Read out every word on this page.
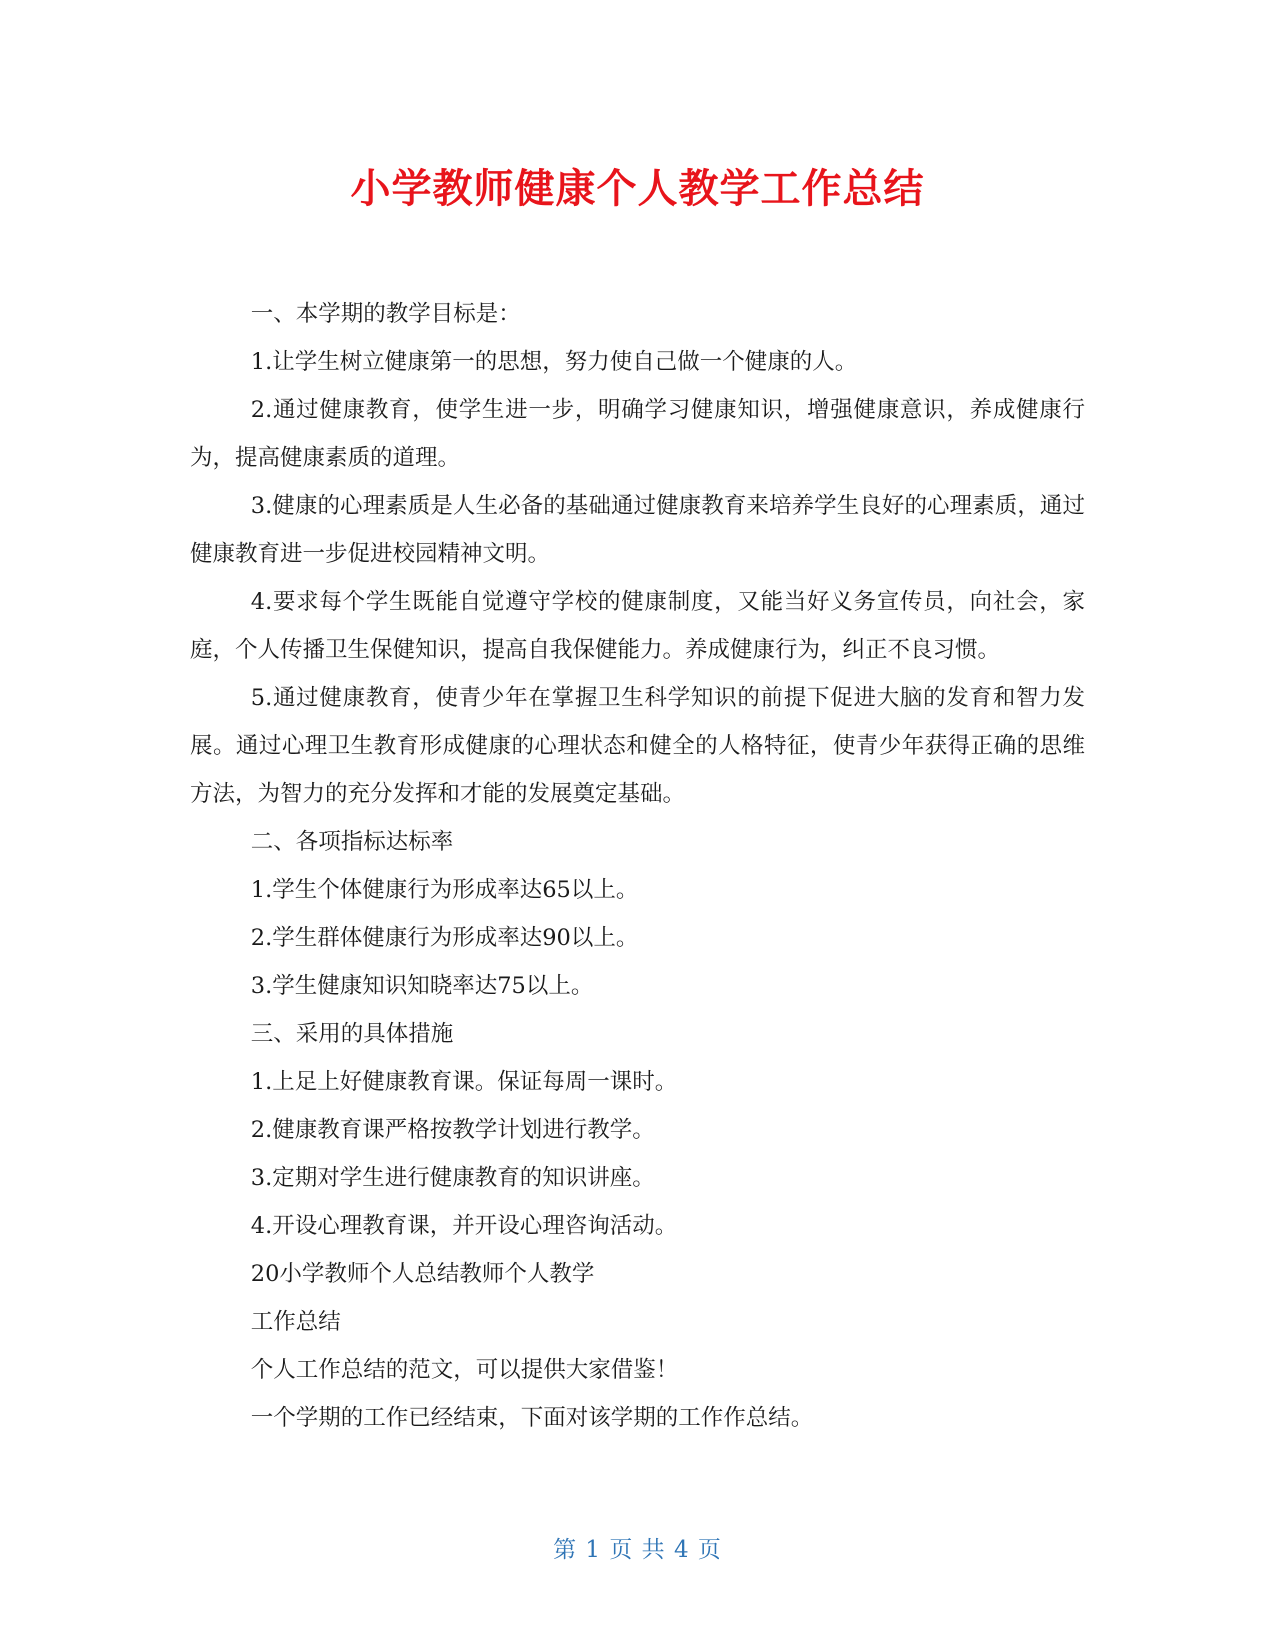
小学教师健康个人教学工作总结

一、本学期的教学目标是：

1.让学生树立健康第一的思想，努力使自己做一个健康的人。

2.通过健康教育，使学生进一步，明确学习健康知识，增强健康意识，养成健康行为，提高健康素质的道理。

3.健康的心理素质是人生必备的基础通过健康教育来培养学生良好的心理素质，通过健康教育进一步促进校园精神文明。

4.要求每个学生既能自觉遵守学校的健康制度，又能当好义务宣传员，向社会，家庭，个人传播卫生保健知识，提高自我保健能力。养成健康行为，纠正不良习惯。

5.通过健康教育，使青少年在掌握卫生科学知识的前提下促进大脑的发育和智力发展。通过心理卫生教育形成健康的心理状态和健全的人格特征，使青少年获得正确的思维方法，为智力的充分发挥和才能的发展奠定基础。

二、各项指标达标率

1.学生个体健康行为形成率达65以上。

2.学生群体健康行为形成率达90以上。

3.学生健康知识知晓率达75以上。

三、采用的具体措施

1.上足上好健康教育课。保证每周一课时。

2.健康教育课严格按教学计划进行教学。

3.定期对学生进行健康教育的知识讲座。

4.开设心理教育课，并开设心理咨询活动。

20小学教师个人总结教师个人教学

工作总结

个人工作总结的范文，可以提供大家借鉴！

一个学期的工作已经结束，下面对该学期的工作作总结。

第 1 页 共 4 页
